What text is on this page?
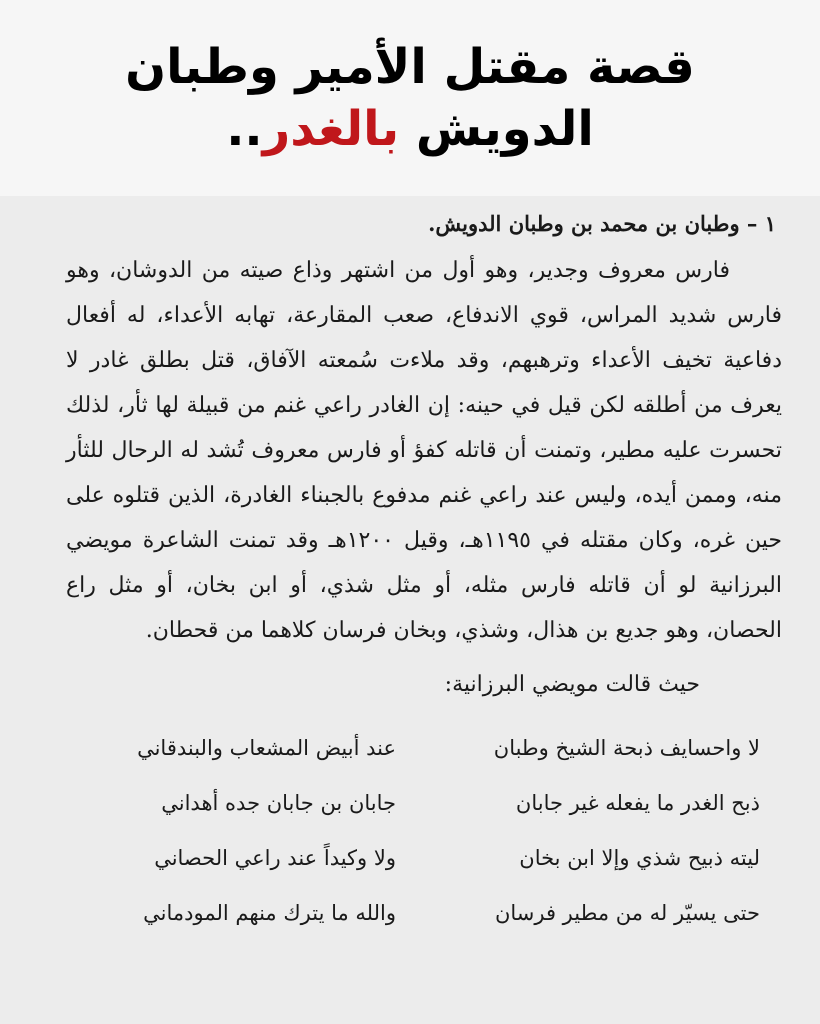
قصة مقتل الأمير وطبان
الدويش بالغدر..
١ – وطبان بن محمد بن وطبان الدويش.

فارس معروف وجدير، وهو أول من اشتهر وذاع صيته من الدوشان، وهو فارس شديد المراس، قوي الاندفاع، صعب المقارعة، تهابه الأعداء، له أفعال دفاعية تخيف الأعداء وترهبهم، وقد ملاءت سُمعته الآفاق، قتل بطلق غادر لا يعرف من أطلقه لكن قيل في حينه: إن الغادر راعي غنم من قبيلة لها ثأر، لذلك تحسرت عليه مطير، وتمنت أن قاتله كفؤ أو فارس معروف تُشد له الرحال للثأر منه، وممن أيده، وليس عند راعي غنم مدفوع بالجبناء الغادرة، الذين قتلوه على حين غره، وكان مقتله في ١١٩٥هـ، وقيل ١٢٠٠هـ وقد تمنت الشاعرة مويضي البرزانية لو أن قاتله فارس مثله، أو مثل شذي، أو ابن بخان، أو مثل راع الحصان، وهو جديع بن هذال، وشذي، وبخان فرسان كلاهما من قحطان.

حيث قالت مويضي البرزانية:
لا واحسايف ذبحة الشيخ وطبان
عند أبيض المشعاب والبندقاني
ذبح الغدر ما يفعله غير جابان
جابان بن جابان جده أهداني
ليته ذبيح شذي وإلا ابن بخان
ولا وكيداً عند راعي الحصاني
حتى يسيّر له من مطير فرسان
والله ما يترك منهم المودماني
